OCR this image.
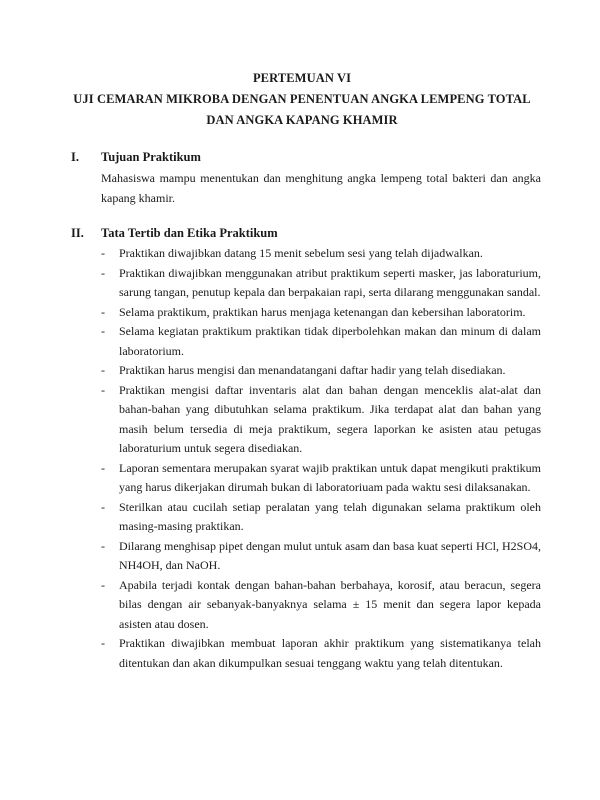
PERTEMUAN VI
UJI CEMARAN MIKROBA DENGAN PENENTUAN ANGKA LEMPENG TOTAL
DAN ANGKA KAPANG KHAMIR
I.	Tujuan Praktikum
Mahasiswa mampu menentukan dan menghitung angka lempeng total bakteri dan angka kapang khamir.
II.	Tata Tertib dan Etika Praktikum
-	Praktikan diwajibkan datang 15 menit sebelum sesi yang telah dijadwalkan.
-	Praktikan diwajibkan menggunakan atribut praktikum seperti masker, jas laboraturium, sarung tangan, penutup kepala dan berpakaian rapi, serta dilarang menggunakan sandal.
-	Selama praktikum, praktikan harus menjaga ketenangan dan kebersihan laboratorim.
-	Selama kegiatan praktikum praktikan tidak diperbolehkan makan dan minum di dalam laboratorium.
-	Praktikan harus mengisi dan menandatangani daftar hadir yang telah disediakan.
-	Praktikan mengisi daftar inventaris alat dan bahan dengan menceklis alat-alat dan bahan-bahan yang dibutuhkan selama praktikum. Jika terdapat alat dan bahan yang masih belum tersedia di meja praktikum, segera laporkan ke asisten atau petugas laboraturium untuk segera disediakan.
-	Laporan sementara merupakan syarat wajib praktikan untuk dapat mengikuti praktikum yang harus dikerjakan dirumah bukan di laboratoriuam pada waktu sesi dilaksanakan.
-	Sterilkan atau cucilah setiap peralatan yang telah digunakan selama praktikum oleh masing-masing praktikan.
-	Dilarang menghisap pipet dengan mulut untuk asam dan basa kuat seperti HCl, H2SO4, NH4OH, dan NaOH.
-	Apabila terjadi kontak dengan bahan-bahan berbahaya, korosif, atau beracun, segera bilas dengan air sebanyak-banyaknya selama ± 15 menit dan segera lapor kepada asisten atau dosen.
-	Praktikan diwajibkan membuat laporan akhir praktikum yang sistematikanya telah ditentukan dan akan dikumpulkan sesuai tenggang waktu yang telah ditentukan.
